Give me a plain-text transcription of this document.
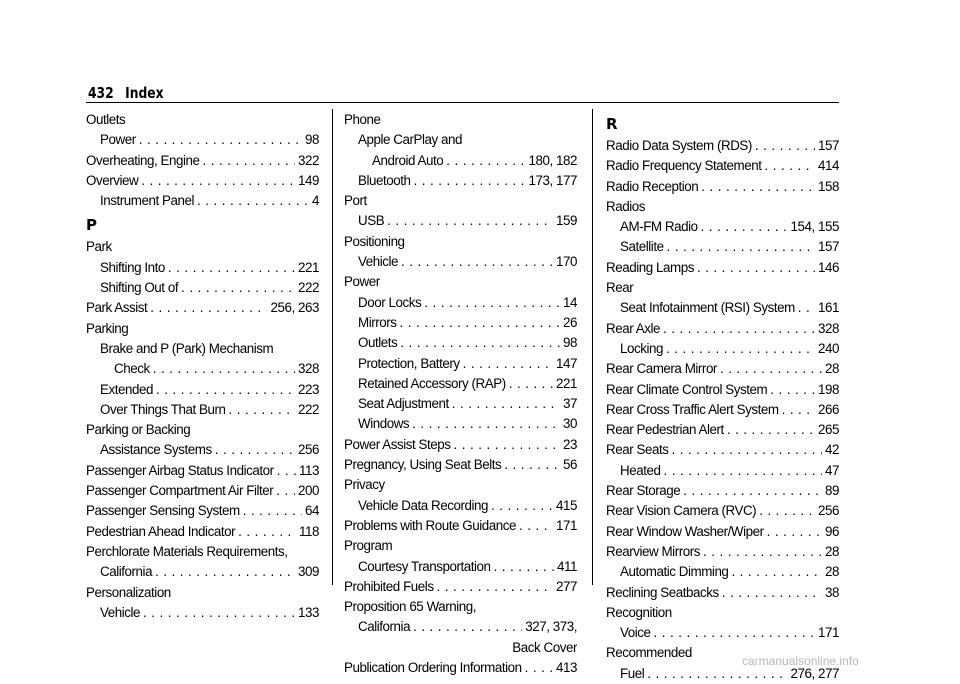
432 Index
Outlets
Power . . .	98
Overheating, Engine . . .	322
Overview . . .	149
Instrument Panel . . .	4
P
Park
Shifting Into . . .	221
Shifting Out of . . .	222
Park Assist . . .	256, 263
Parking
Brake and P (Park) Mechanism
Check . . .	328
Extended . . .	223
Over Things That Burn . . .	222
Parking or Backing
Assistance Systems . . .	256
Passenger Airbag Status Indicator . . . 113
Passenger Compartment Air Filter . . . 200
Passenger Sensing System . . .	64
Pedestrian Ahead Indicator . . .	118
Perchlorate Materials Requirements,
California . . .	309
Personalization
Vehicle . . .	133
Phone
Apple CarPlay and
Android Auto . . .	180, 182
Bluetooth . . .	173, 177
Port
USB . . .	159
Positioning
Vehicle . . .	170
Power
Door Locks . . .	14
Mirrors . . .	26
Outlets . . .	98
Protection, Battery . . .	147
Retained Accessory (RAP) . . .	221
Seat Adjustment . . .	37
Windows . . .	30
Power Assist Steps . . .	23
Pregnancy, Using Seat Belts . . .	56
Privacy
Vehicle Data Recording . . .	415
Problems with Route Guidance . . .	171
Program
Courtesy Transportation . . .	411
Prohibited Fuels . . .	277
Proposition 65 Warning,
California . . .	327, 373,
Back Cover
Publication Ordering Information . . .	413
R
Radio Data System (RDS) . . .	157
Radio Frequency Statement . . .	414
Radio Reception . . .	158
Radios
AM-FM Radio . . .	154, 155
Satellite . . .	157
Reading Lamps . . .	146
Rear
Seat Infotainment (RSI) System . . . 161
Rear Axle . . .	328
Locking . . .	240
Rear Camera Mirror . . .	28
Rear Climate Control System . . .	198
Rear Cross Traffic Alert System . . .	266
Rear Pedestrian Alert . . .	265
Rear Seats . . .	42
Heated . . .	47
Rear Storage . . .	89
Rear Vision Camera (RVC) . . .	256
Rear Window Washer/Wiper . . .	96
Rearview Mirrors . . .	28
Automatic Dimming . . .	28
Reclining Seatbacks . . .	38
Recognition
Voice . . .	171
Recommended
Fuel . . .	276, 277
carmanualsonline.info
